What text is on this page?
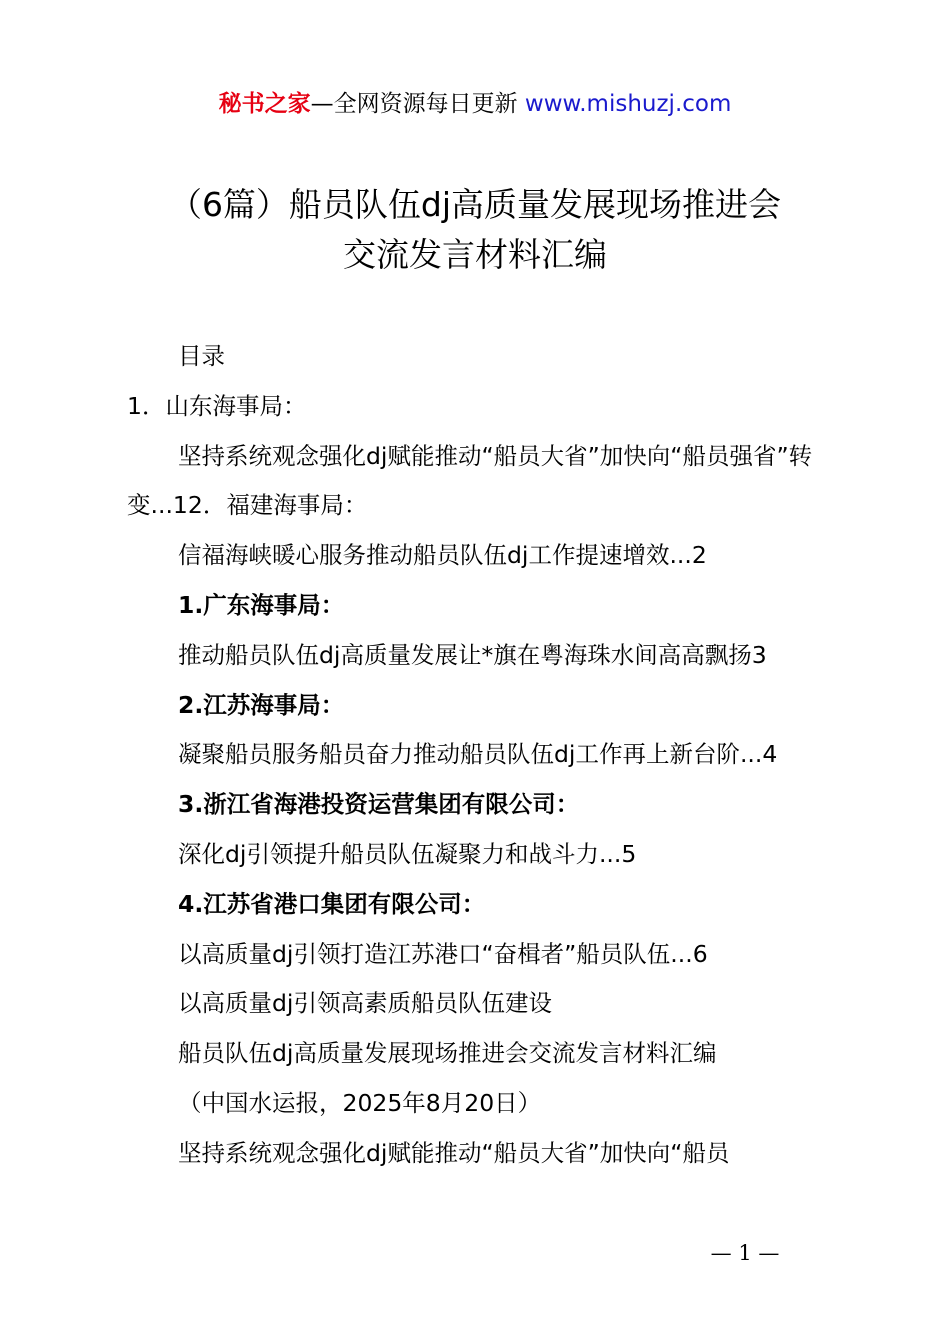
秘书之家—全网资源每日更新 www.mishuzj.com
（6篇）船员队伍dj高质量发展现场推进会
交流发言材料汇编
目录
1．山东海事局：
坚持系统观念强化dj赋能推动“船员大省”加快向“船员强省”转变...12．福建海事局：
信福海峡暖心服务推动船员队伍dj工作提速增效...2
1.广东海事局：
推动船员队伍dj高质量发展让*旗在粤海珠水间高高飘扬3
2.江苏海事局：
凝聚船员服务船员奋力推动船员队伍dj工作再上新台阶...4
3.浙江省海港投资运营集团有限公司：
深化dj引领提升船员队伍凝聚力和战斗力...5
4.江苏省港口集团有限公司：
以高质量dj引领打造江苏港口“奋楫者”船员队伍...6
以高质量dj引领高素质船员队伍建设
船员队伍dj高质量发展现场推进会交流发言材料汇编
（中国水运报，2025年8月20日）
坚持系统观念强化dj赋能推动“船员大省”加快向“船员
— 1 —
